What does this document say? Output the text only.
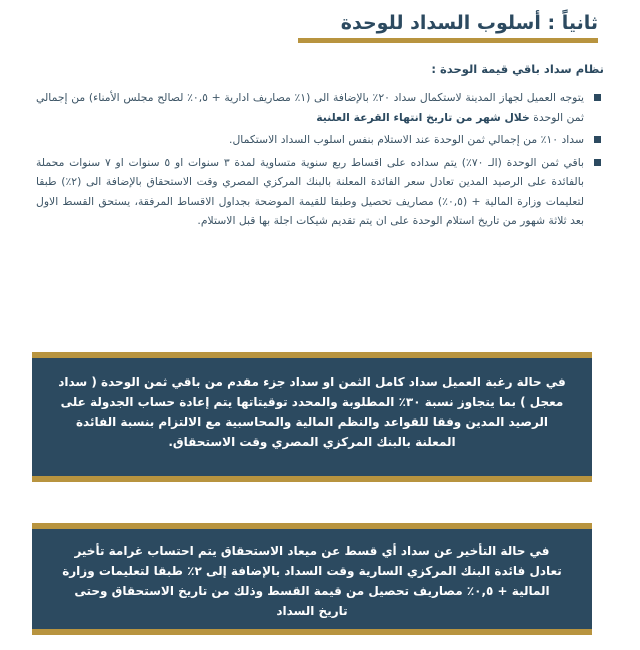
ثانياً : أسلوب السداد للوحدة

نظام سداد باقي قيمة الوحدة :

يتوجه العميل لجهاز المدينة لاستكمال سداد ٢٠٪ بالإضافة الى (١٪ مصاريف ادارية + ٠,٥٪ لصالح مجلس الأمناء) من إجمالي ثمن الوحدة خلال شهر من تاريخ انتهاء القرعة العلنية
سداد ١٠٪ من إجمالي ثمن الوحدة عند الاستلام بنفس اسلوب السداد الاستكمال.
باقي ثمن الوحدة (الـ ٧٠٪) يتم سداده على اقساط ربع سنوية متساوية لمدة ٣ سنوات او ٥ سنوات او ٧ سنوات محملة بالفائدة على الرصيد المدين تعادل سعر الفائدة المعلنة بالبنك المركزي المصري وقت الاستحقاق بالإضافة الى (٢٪) طبقا لتعليمات وزارة المالية + (٠,٥٪) مصاريف تحصيل وطبقا للقيمة الموضحة بجداول الاقساط المرفقة، يستحق القسط الاول بعد ثلاثة شهور من تاريخ استلام الوحدة على ان يتم تقديم شيكات اجلة بها قبل الاستلام.
في حالة رغبة العميل سداد كامل الثمن او سداد جزء مقدم من باقي ثمن الوحدة ( سداد معجل ) بما يتجاوز نسبة ٣٠٪ المطلوبة والمحدد توقيتاتها يتم إعادة حساب الجدولة على الرصيد المدين وفقا للقواعد والنظم المالية والمحاسبية مع الالتزام بنسبة الفائدة المعلنة بالبنك المركزي المصري وقت الاستحقاق.
في حالة التأخير عن سداد أي قسط عن ميعاد الاستحقاق يتم احتساب غرامة تأخير تعادل فائدة البنك المركزي السارية وقت السداد بالإضافة إلى ٢٪ طبقا لتعليمات وزارة المالية + ٠,٥٪ مصاريف تحصيل من قيمة القسط وذلك من تاريخ الاستحقاق وحتى تاريخ السداد
